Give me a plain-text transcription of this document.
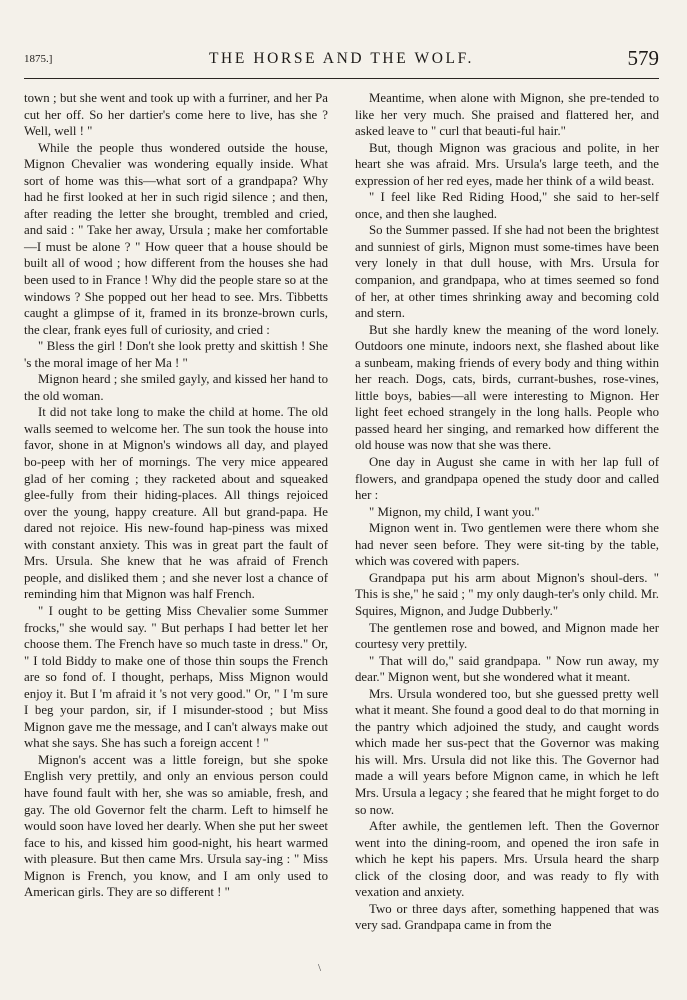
1875.]	THE HORSE AND THE WOLF.	579

town ; but she went and took up with a furriner, and her Pa cut her off. So her dartier's come here to live, has she ? Well, well ! "

While the people thus wondered outside the house, Mignon Chevalier was wondering equally inside. What sort of home was this—what sort of a grandpapa? Why had he first looked at her in such rigid silence ; and then, after reading the letter she brought, trembled and cried, and said : " Take her away, Ursula ; make her comfortable —I must be alone ? " How queer that a house should be built all of wood ; how different from the houses she had been used to in France ! Why did the people stare so at the windows ? She popped out her head to see. Mrs. Tibbetts caught a glimpse of it, framed in its bronze-brown curls, the clear, frank eyes full of curiosity, and cried :

" Bless the girl ! Don't she look pretty and skittish ! She 's the moral image of her Ma ! "

Mignon heard ; she smiled gayly, and kissed her hand to the old woman.

It did not take long to make the child at home. The old walls seemed to welcome her. The sun took the house into favor, shone in at Mignon's windows all day, and played bo-peep with her of mornings. The very mice appeared glad of her coming ; they racketed about and squeaked glee-fully from their hiding-places. All things rejoiced over the young, happy creature. All but grand-papa. He dared not rejoice. His new-found hap-piness was mixed with constant anxiety. This was in great part the fault of Mrs. Ursula. She knew that he was afraid of French people, and disliked them ; and she never lost a chance of reminding him that Mignon was half French.

" I ought to be getting Miss Chevalier some Summer frocks," she would say. " But perhaps I had better let her choose them. The French have so much taste in dress." Or, " I told Biddy to make one of those thin soups the French are so fond of. I thought, perhaps, Miss Mignon would enjoy it. But I 'm afraid it 's not very good." Or, " I 'm sure I beg your pardon, sir, if I misunder-stood ; but Miss Mignon gave me the message, and I can't always make out what she says. She has such a foreign accent ! "

Mignon's accent was a little foreign, but she spoke English very prettily, and only an envious person could have found fault with her, she was so amiable, fresh, and gay. The old Governor felt the charm. Left to himself he would soon have loved her dearly. When she put her sweet face to his, and kissed him good-night, his heart warmed with pleasure. But then came Mrs. Ursula say-ing : " Miss Mignon is French, you know, and I am only used to American girls. They are so different ! "

Meantime, when alone with Mignon, she pre-tended to like her very much. She praised and flattered her, and asked leave to " curl that beauti-ful hair."

But, though Mignon was gracious and polite, in her heart she was afraid. Mrs. Ursula's large teeth, and the expression of her red eyes, made her think of a wild beast.

" I feel like Red Riding Hood," she said to her-self once, and then she laughed.

So the Summer passed. If she had not been the brightest and sunniest of girls, Mignon must some-times have been very lonely in that dull house, with Mrs. Ursula for companion, and grandpapa, who at times seemed so fond of her, at other times shrinking away and becoming cold and stern.

But she hardly knew the meaning of the word lonely. Outdoors one minute, indoors next, she flashed about like a sunbeam, making friends of every body and thing within her reach. Dogs, cats, birds, currant-bushes, rose-vines, little boys, babies—all were interesting to Mignon. Her light feet echoed strangely in the long halls. People who passed heard her singing, and remarked how different the old house was now that she was there.

One day in August she came in with her lap full of flowers, and grandpapa opened the study door and called her :

" Mignon, my child, I want you."

Mignon went in. Two gentlemen were there whom she had never seen before. They were sit-ting by the table, which was covered with papers.

Grandpapa put his arm about Mignon's shoul-ders. " This is she," he said ; " my only daugh-ter's only child. Mr. Squires, Mignon, and Judge Dubberly."

The gentlemen rose and bowed, and Mignon made her courtesy very prettily.

" That will do," said grandpapa. " Now run away, my dear." Mignon went, but she wondered what it meant.

Mrs. Ursula wondered too, but she guessed pretty well what it meant. She found a good deal to do that morning in the pantry which adjoined the study, and caught words which made her sus-pect that the Governor was making his will. Mrs. Ursula did not like this. The Governor had made a will years before Mignon came, in which he left Mrs. Ursula a legacy ; she feared that he might forget to do so now.

After awhile, the gentlemen left. Then the Governor went into the dining-room, and opened the iron safe in which he kept his papers. Mrs. Ursula heard the sharp click of the closing door, and was ready to fly with vexation and anxiety.

Two or three days after, something happened that was very sad. Grandpapa came in from the

\
